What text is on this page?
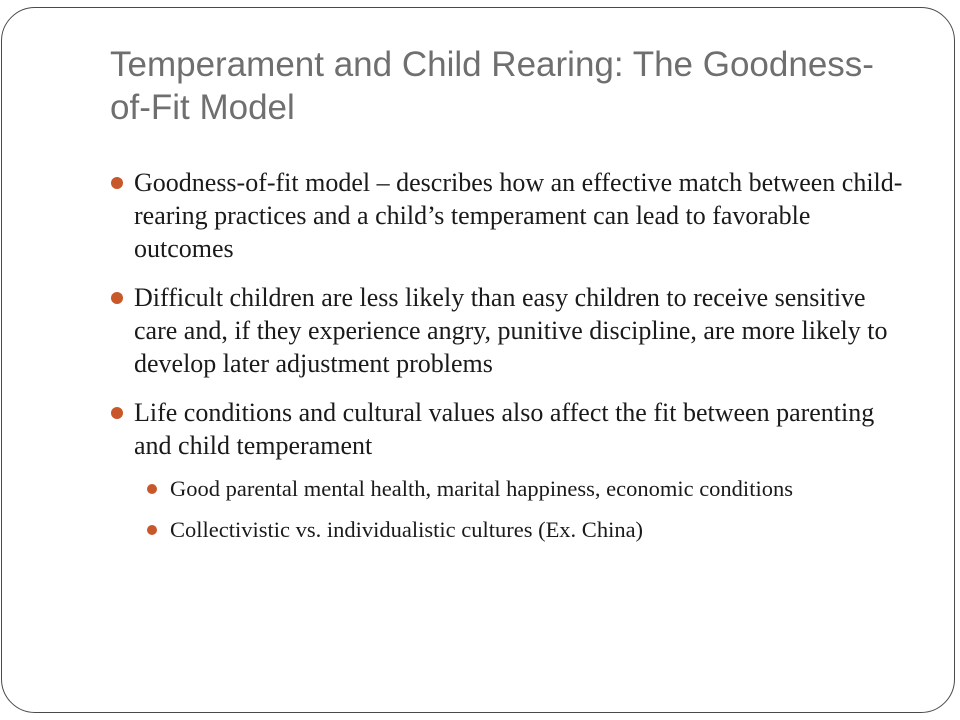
Temperament and Child Rearing: The Goodness-of-Fit Model
Goodness-of-fit model – describes how an effective match between child-rearing practices and a child’s temperament can lead to favorable outcomes
Difficult children are less likely than easy children to receive sensitive care and, if they experience angry, punitive discipline, are more likely to develop later adjustment problems
Life conditions and cultural values also affect the fit between parenting and child temperament
Good parental mental health, marital happiness, economic conditions
Collectivistic vs. individualistic cultures (Ex. China)
